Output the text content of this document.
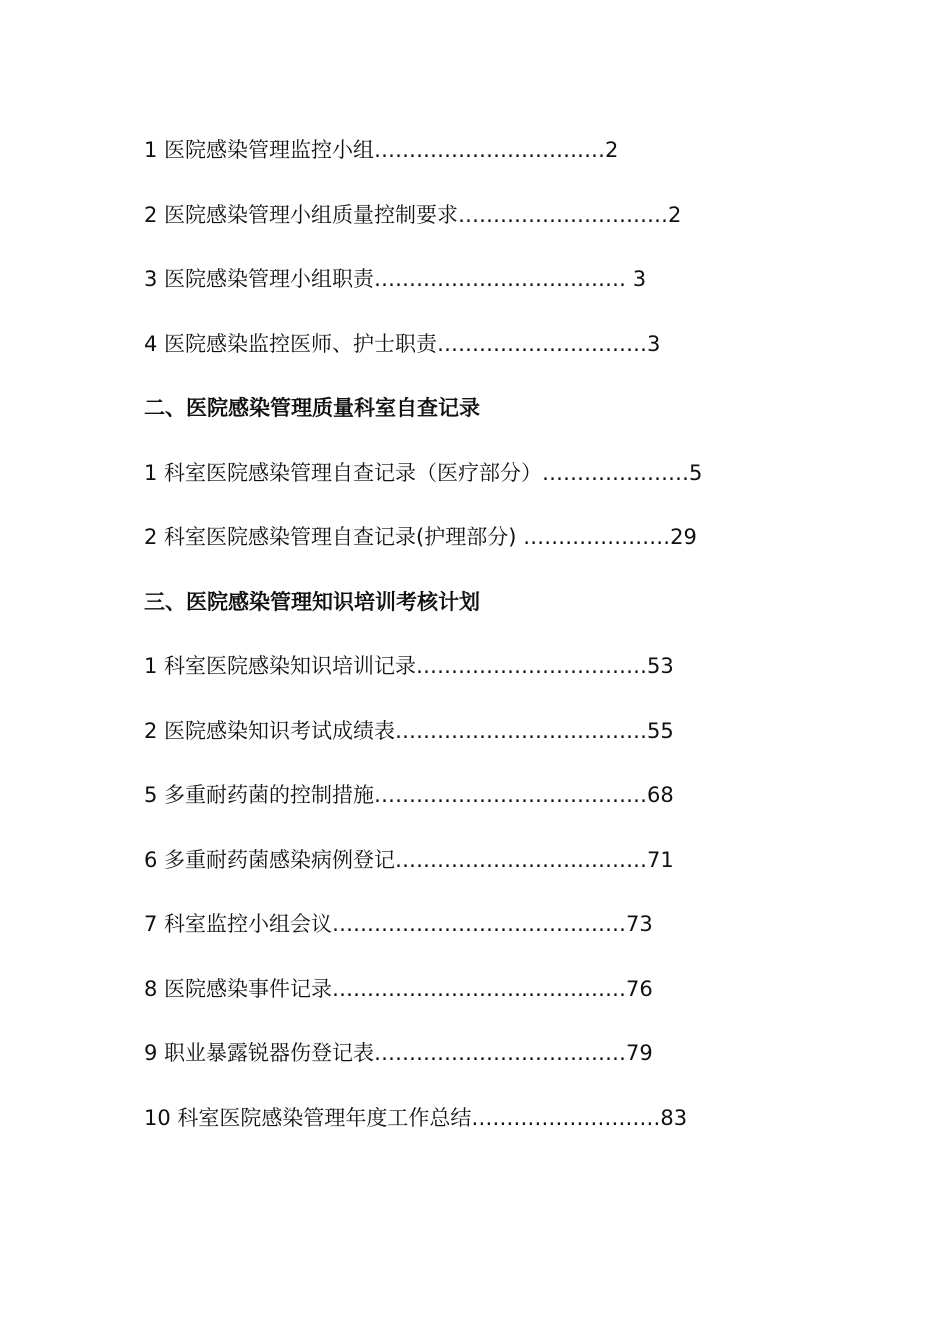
1 医院感染管理监控小组……………………………2
2 医院感染管理小组质量控制要求…………………………2
3 医院感染管理小组职责……………………………… 3
4 医院感染监控医师、护士职责…………………………3
二、医院感染管理质量科室自查记录
1 科室医院感染管理自查记录（医疗部分）…………………5
2 科室医院感染管理自查记录(护理部分) …………………29
三、医院感染管理知识培训考核计划
1 科室医院感染知识培训记录……………………………53
2 医院感染知识考试成绩表………………………………55
5 多重耐药菌的控制措施…………………………………68
6 多重耐药菌感染病例登记………………………………71
7 科室监控小组会议……………………………………73
8 医院感染事件记录……………………………………76
9 职业暴露锐器伤登记表………………………………79
10 科室医院感染管理年度工作总结………………………83
